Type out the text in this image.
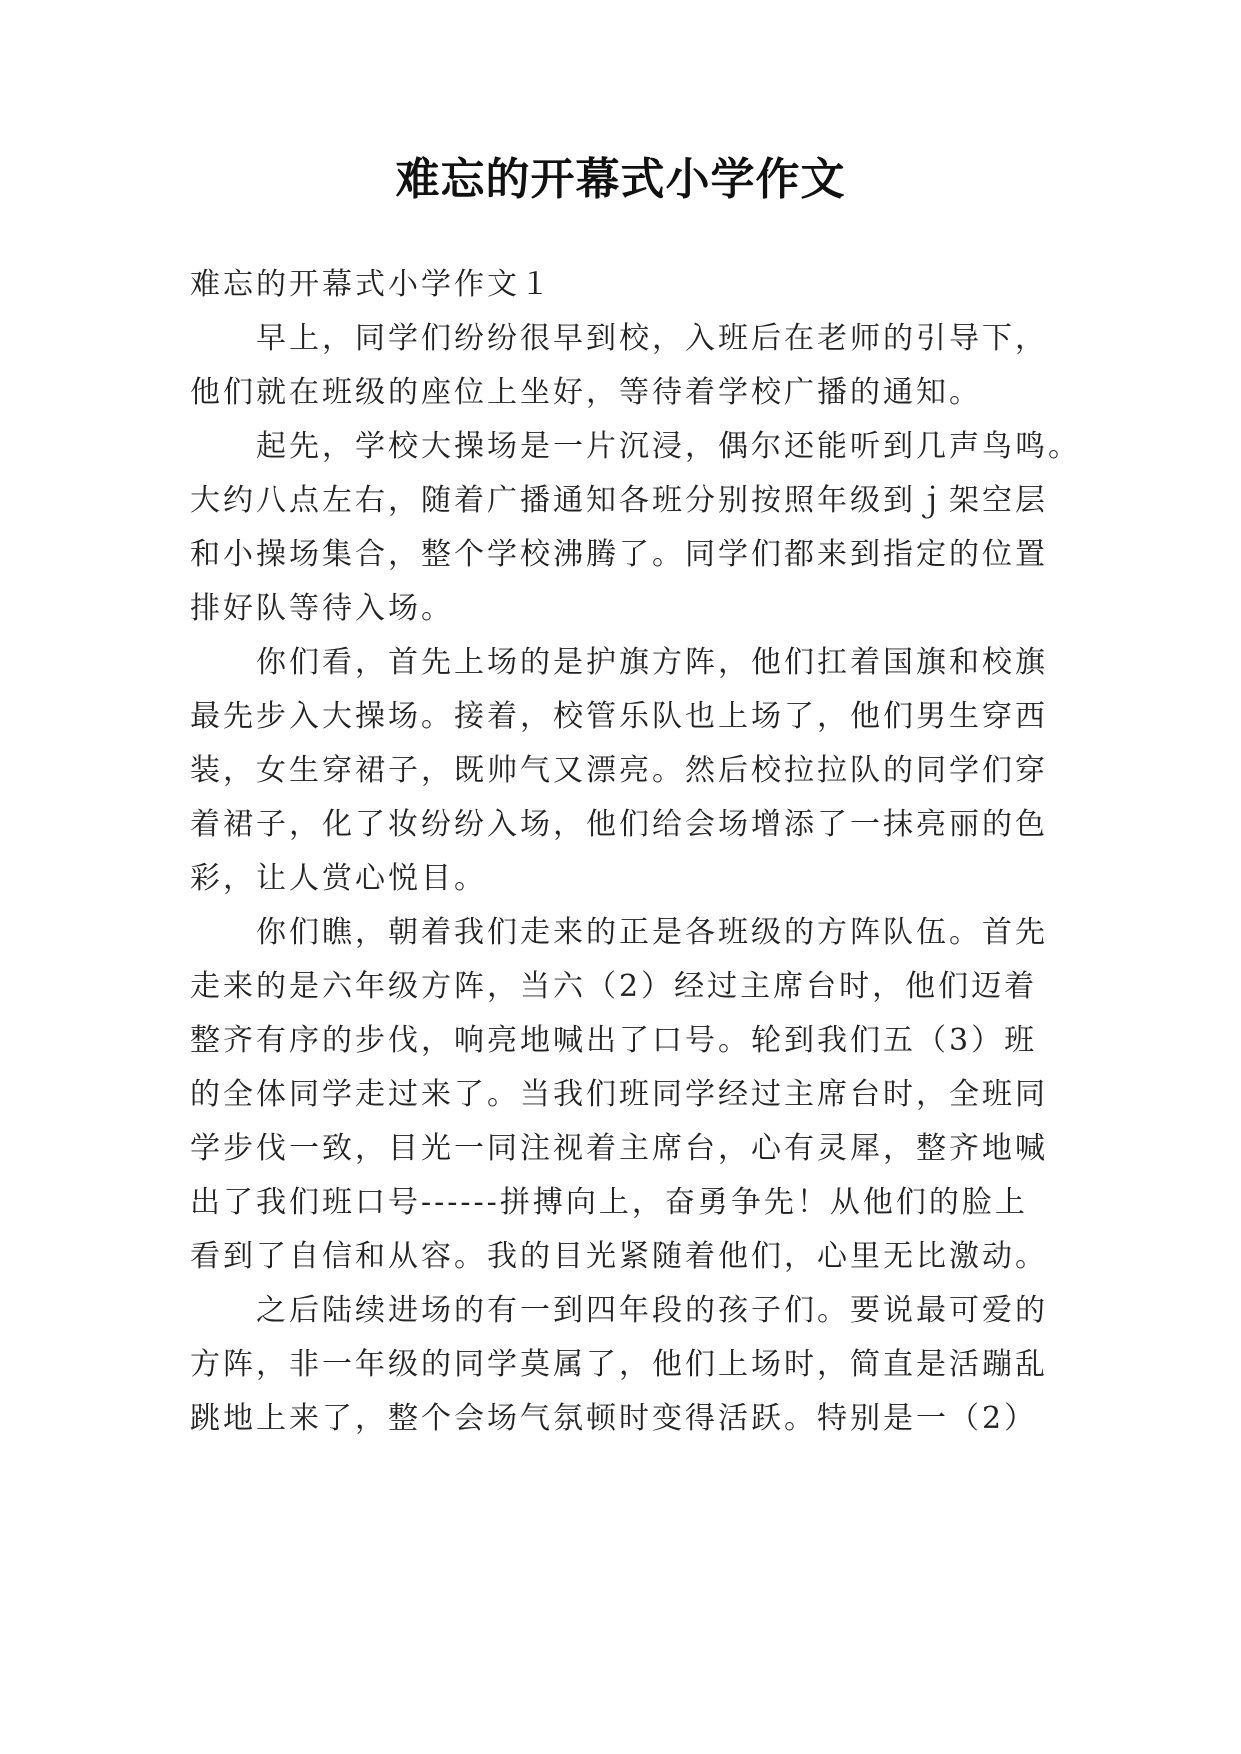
难忘的开幕式小学作文
难忘的开幕式小学作文１
早上，同学们纷纷很早到校，入班后在老师的引导下，
他们就在班级的座位上坐好，等待着学校广播的通知。
起先，学校大操场是一片沉浸，偶尔还能听到几声鸟鸣。
大约八点左右，随着广播通知各班分别按照年级到ｊ架空层
和小操场集合，整个学校沸腾了。同学们都来到指定的位置
排好队等待入场。
你们看，首先上场的是护旗方阵，他们扛着国旗和校旗
最先步入大操场。接着，校管乐队也上场了，他们男生穿西
装，女生穿裙子，既帅气又漂亮。然后校拉拉队的同学们穿
着裙子，化了妆纷纷入场，他们给会场增添了一抹亮丽的色
彩，让人赏心悦目。
你们瞧，朝着我们走来的正是各班级的方阵队伍。首先
走来的是六年级方阵，当六（2）经过主席台时，他们迈着
整齐有序的步伐，响亮地喊出了口号。轮到我们五（3）班
的全体同学走过来了。当我们班同学经过主席台时，全班同
学步伐一致，目光一同注视着主席台，心有灵犀，整齐地喊
出了我们班口号------拼搏向上，奋勇争先！从他们的脸上
看到了自信和从容。我的目光紧随着他们，心里无比激动。
之后陆续进场的有一到四年段的孩子们。要说最可爱的
方阵，非一年级的同学莫属了，他们上场时，简直是活蹦乱
跳地上来了，整个会场气氛顿时变得活跃。特别是一（2）
